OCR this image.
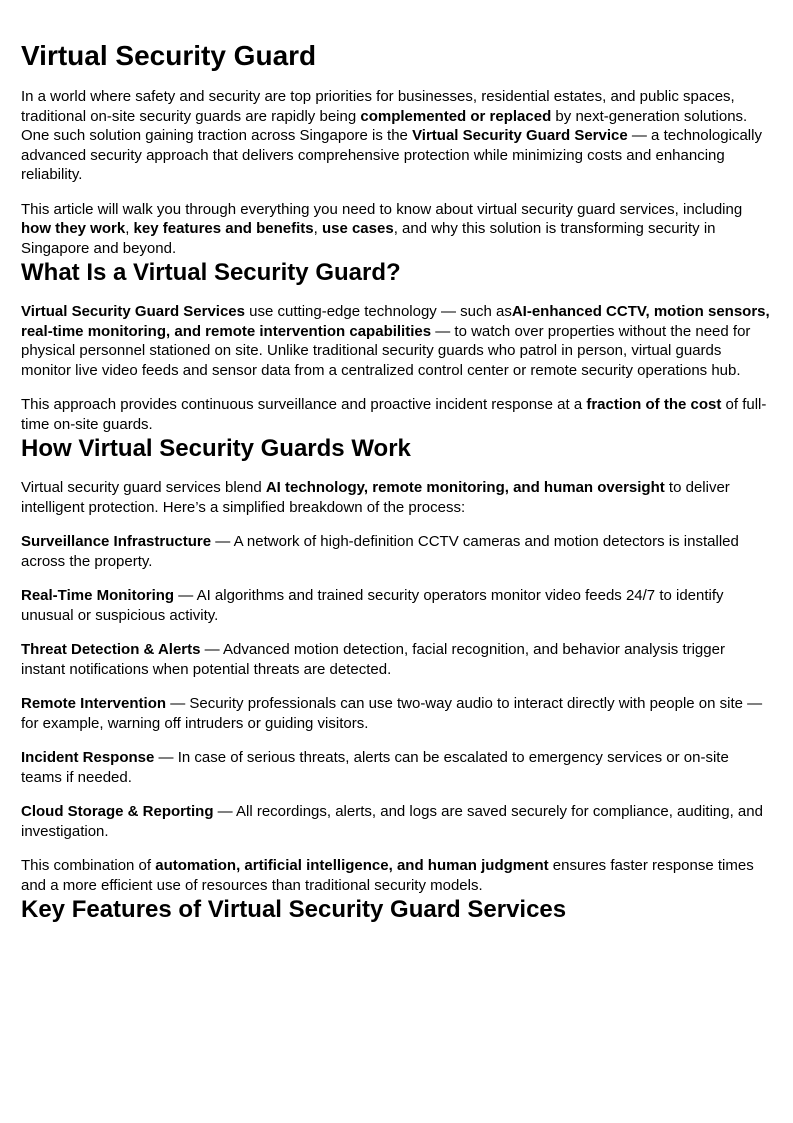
Virtual Security Guard

In a world where safety and security are top priorities for businesses, residential estates, and public spaces, traditional on-site security guards are rapidly being complemented or replaced by next-generation solutions. One such solution gaining traction across Singapore is the Virtual Security Guard Service — a technologically advanced security approach that delivers comprehensive protection while minimizing costs and enhancing reliability.

This article will walk you through everything you need to know about virtual security guard services, including how they work, key features and benefits, use cases, and why this solution is transforming security in Singapore and beyond.

What Is a Virtual Security Guard?

Virtual Security Guard Services use cutting-edge technology — such asAI-enhanced CCTV, motion sensors, real-time monitoring, and remote intervention capabilities — to watch over properties without the need for physical personnel stationed on site. Unlike traditional security guards who patrol in person, virtual guards monitor live video feeds and sensor data from a centralized control center or remote security operations hub.

This approach provides continuous surveillance and proactive incident response at a fraction of the cost of full-time on-site guards.

How Virtual Security Guards Work

Virtual security guard services blend AI technology, remote monitoring, and human oversight to deliver intelligent protection. Here’s a simplified breakdown of the process:

Surveillance Infrastructure — A network of high-definition CCTV cameras and motion detectors is installed across the property.

Real-Time Monitoring — AI algorithms and trained security operators monitor video feeds 24/7 to identify unusual or suspicious activity.

Threat Detection & Alerts — Advanced motion detection, facial recognition, and behavior analysis trigger instant notifications when potential threats are detected.

Remote Intervention — Security professionals can use two-way audio to interact directly with people on site — for example, warning off intruders or guiding visitors.

Incident Response — In case of serious threats, alerts can be escalated to emergency services or on-site teams if needed.

Cloud Storage & Reporting — All recordings, alerts, and logs are saved securely for compliance, auditing, and investigation.

This combination of automation, artificial intelligence, and human judgment ensures faster response times and a more efficient use of resources than traditional security models.

Key Features of Virtual Security Guard Services
